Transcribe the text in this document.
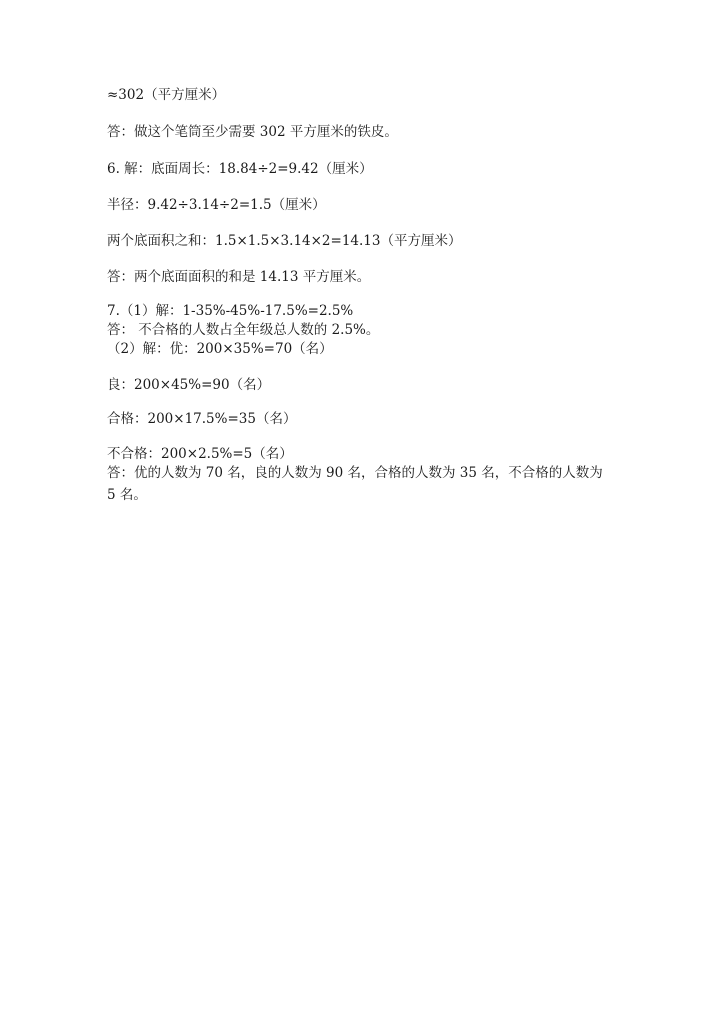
≈302（平方厘米）
答：做这个笔筒至少需要 302 平方厘米的铁皮。
6. 解：底面周长：18.84÷2=9.42（厘米）
半径：9.42÷3.14÷2=1.5（厘米）
两个底面积之和：1.5×1.5×3.14×2=14.13（平方厘米）
答：两个底面面积的和是 14.13 平方厘米。
7.（1）解：1-35%-45%-17.5%=2.5%
答： 不合格的人数占全年级总人数的 2.5%。
（2）解：优：200×35%=70（名）
良：200×45%=90（名）
合格：200×17.5%=35（名）
不合格：200×2.5%=5（名）
答：优的人数为 70 名，良的人数为 90 名，合格的人数为 35 名，不合格的人数为 5 名。
